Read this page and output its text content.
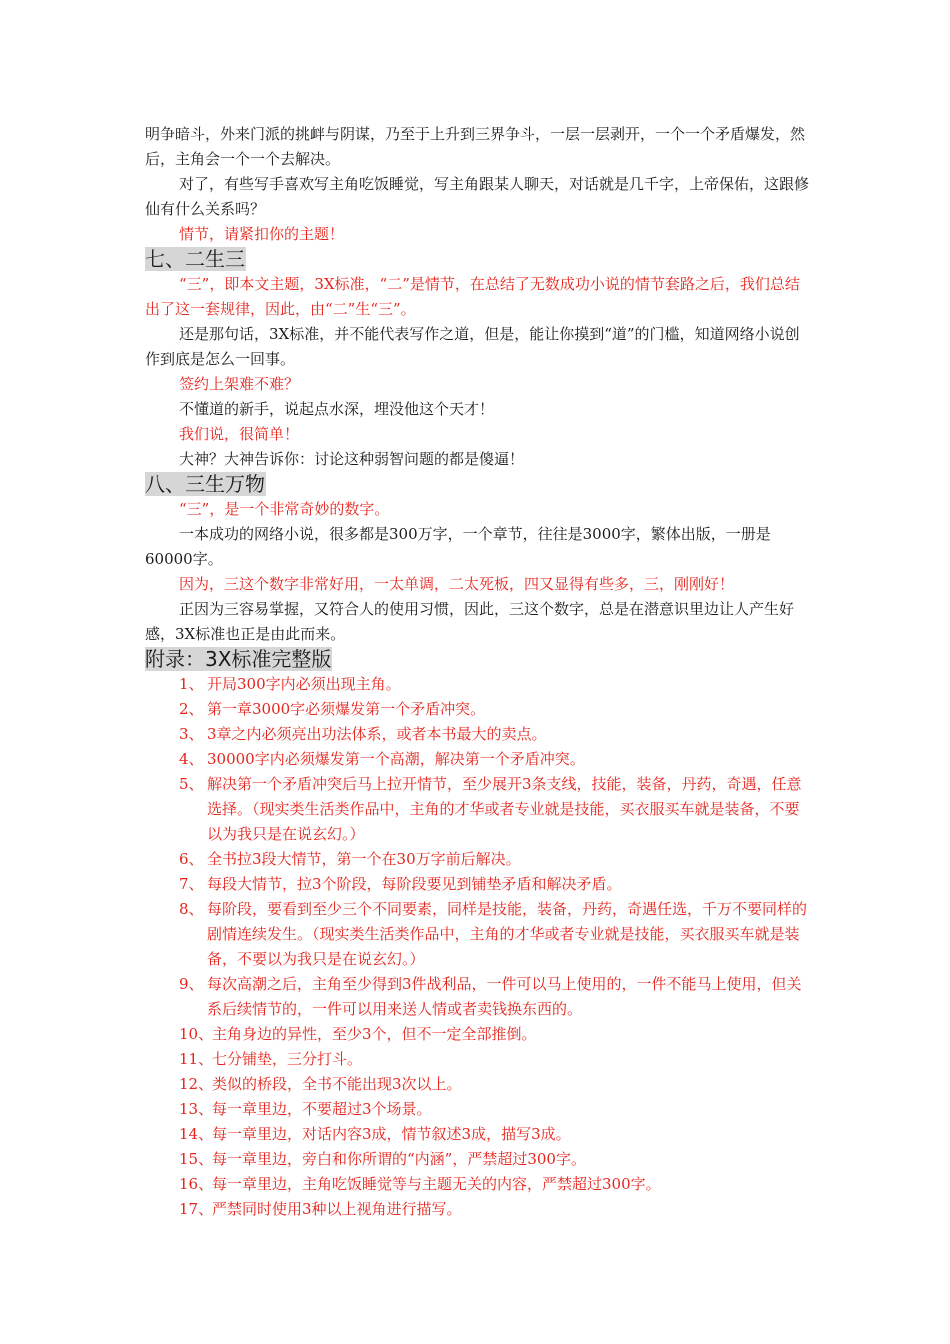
明争暗斗，外来门派的挑衅与阴谋，乃至于上升到三界争斗，一层一层剥开，一个一个矛盾爆发，然后，主角会一个一个去解决。

对了，有些写手喜欢写主角吃饭睡觉，写主角跟某人聊天，对话就是几千字，上帝保佑，这跟修仙有什么关系吗？

情节，请紧扣你的主题！

七、二生三

“三”，即本文主题，3X标准，“二”是情节，在总结了无数成功小说的情节套路之后，我们总结出了这一套规律，因此，由“二”生“三”。

还是那句话，3X标准，并不能代表写作之道，但是，能让你摸到“道”的门槛，知道网络小说创作到底是怎么一回事。

签约上架难不难？

不懂道的新手，说起点水深，埋没他这个天才！

我们说，很简单！

大神？大神告诉你：讨论这种弱智问题的都是傻逼！

八、三生万物

“三”，是一个非常奇妙的数字。

一本成功的网络小说，很多都是300万字，一个章节，往往是3000字，繁体出版，一册是60000字。

因为，三这个数字非常好用，一太单调，二太死板，四又显得有些多，三，刚刚好！

正因为三容易掌握，又符合人的使用习惯，因此，三这个数字，总是在潜意识里边让人产生好感，3X标准也正是由此而来。

附录：3X标准完整版
1、 开局300字内必须出现主角。
2、 第一章3000字必须爆发第一个矛盾冲突。
3、 3章之内必须亮出功法体系，或者本书最大的卖点。
4、 30000字内必须爆发第一个高潮，解决第一个矛盾冲突。
5、 解决第一个矛盾冲突后马上拉开情节，至少展开3条支线，技能，装备，丹药，奇遇，任意选择。（现实类生活类作品中，主角的才华或者专业就是技能，买衣服买车就是装备，不要以为我只是在说玄幻。）
6、 全书拉3段大情节，第一个在30万字前后解决。
7、 每段大情节，拉3个阶段，每阶段要见到铺垫矛盾和解决矛盾。
8、 每阶段，要看到至少三个不同要素，同样是技能，装备，丹药，奇遇任选，千万不要同样的剧情连续发生。（现实类生活类作品中，主角的才华或者专业就是技能，买衣服买车就是装备，不要以为我只是在说玄幻。）
9、 每次高潮之后，主角至少得到3件战利品，一件可以马上使用的，一件不能马上使用，但关系后续情节的，一件可以用来送人情或者卖钱换东西的。
10、
主角身边的异性，至少3个，但不一定全部推倒。
11、
七分铺垫，三分打斗。
12、
类似的桥段，全书不能出现3次以上。
13、
每一章里边，不要超过3个场景。
14、
每一章里边，对话内容3成，情节叙述3成，描写3成。
15、
每一章里边，旁白和你所谓的“内涵”，严禁超过300字。
16、
每一章里边，主角吃饭睡觉等与主题无关的内容，严禁超过300字。
17、
严禁同时使用3种以上视角进行描写。
